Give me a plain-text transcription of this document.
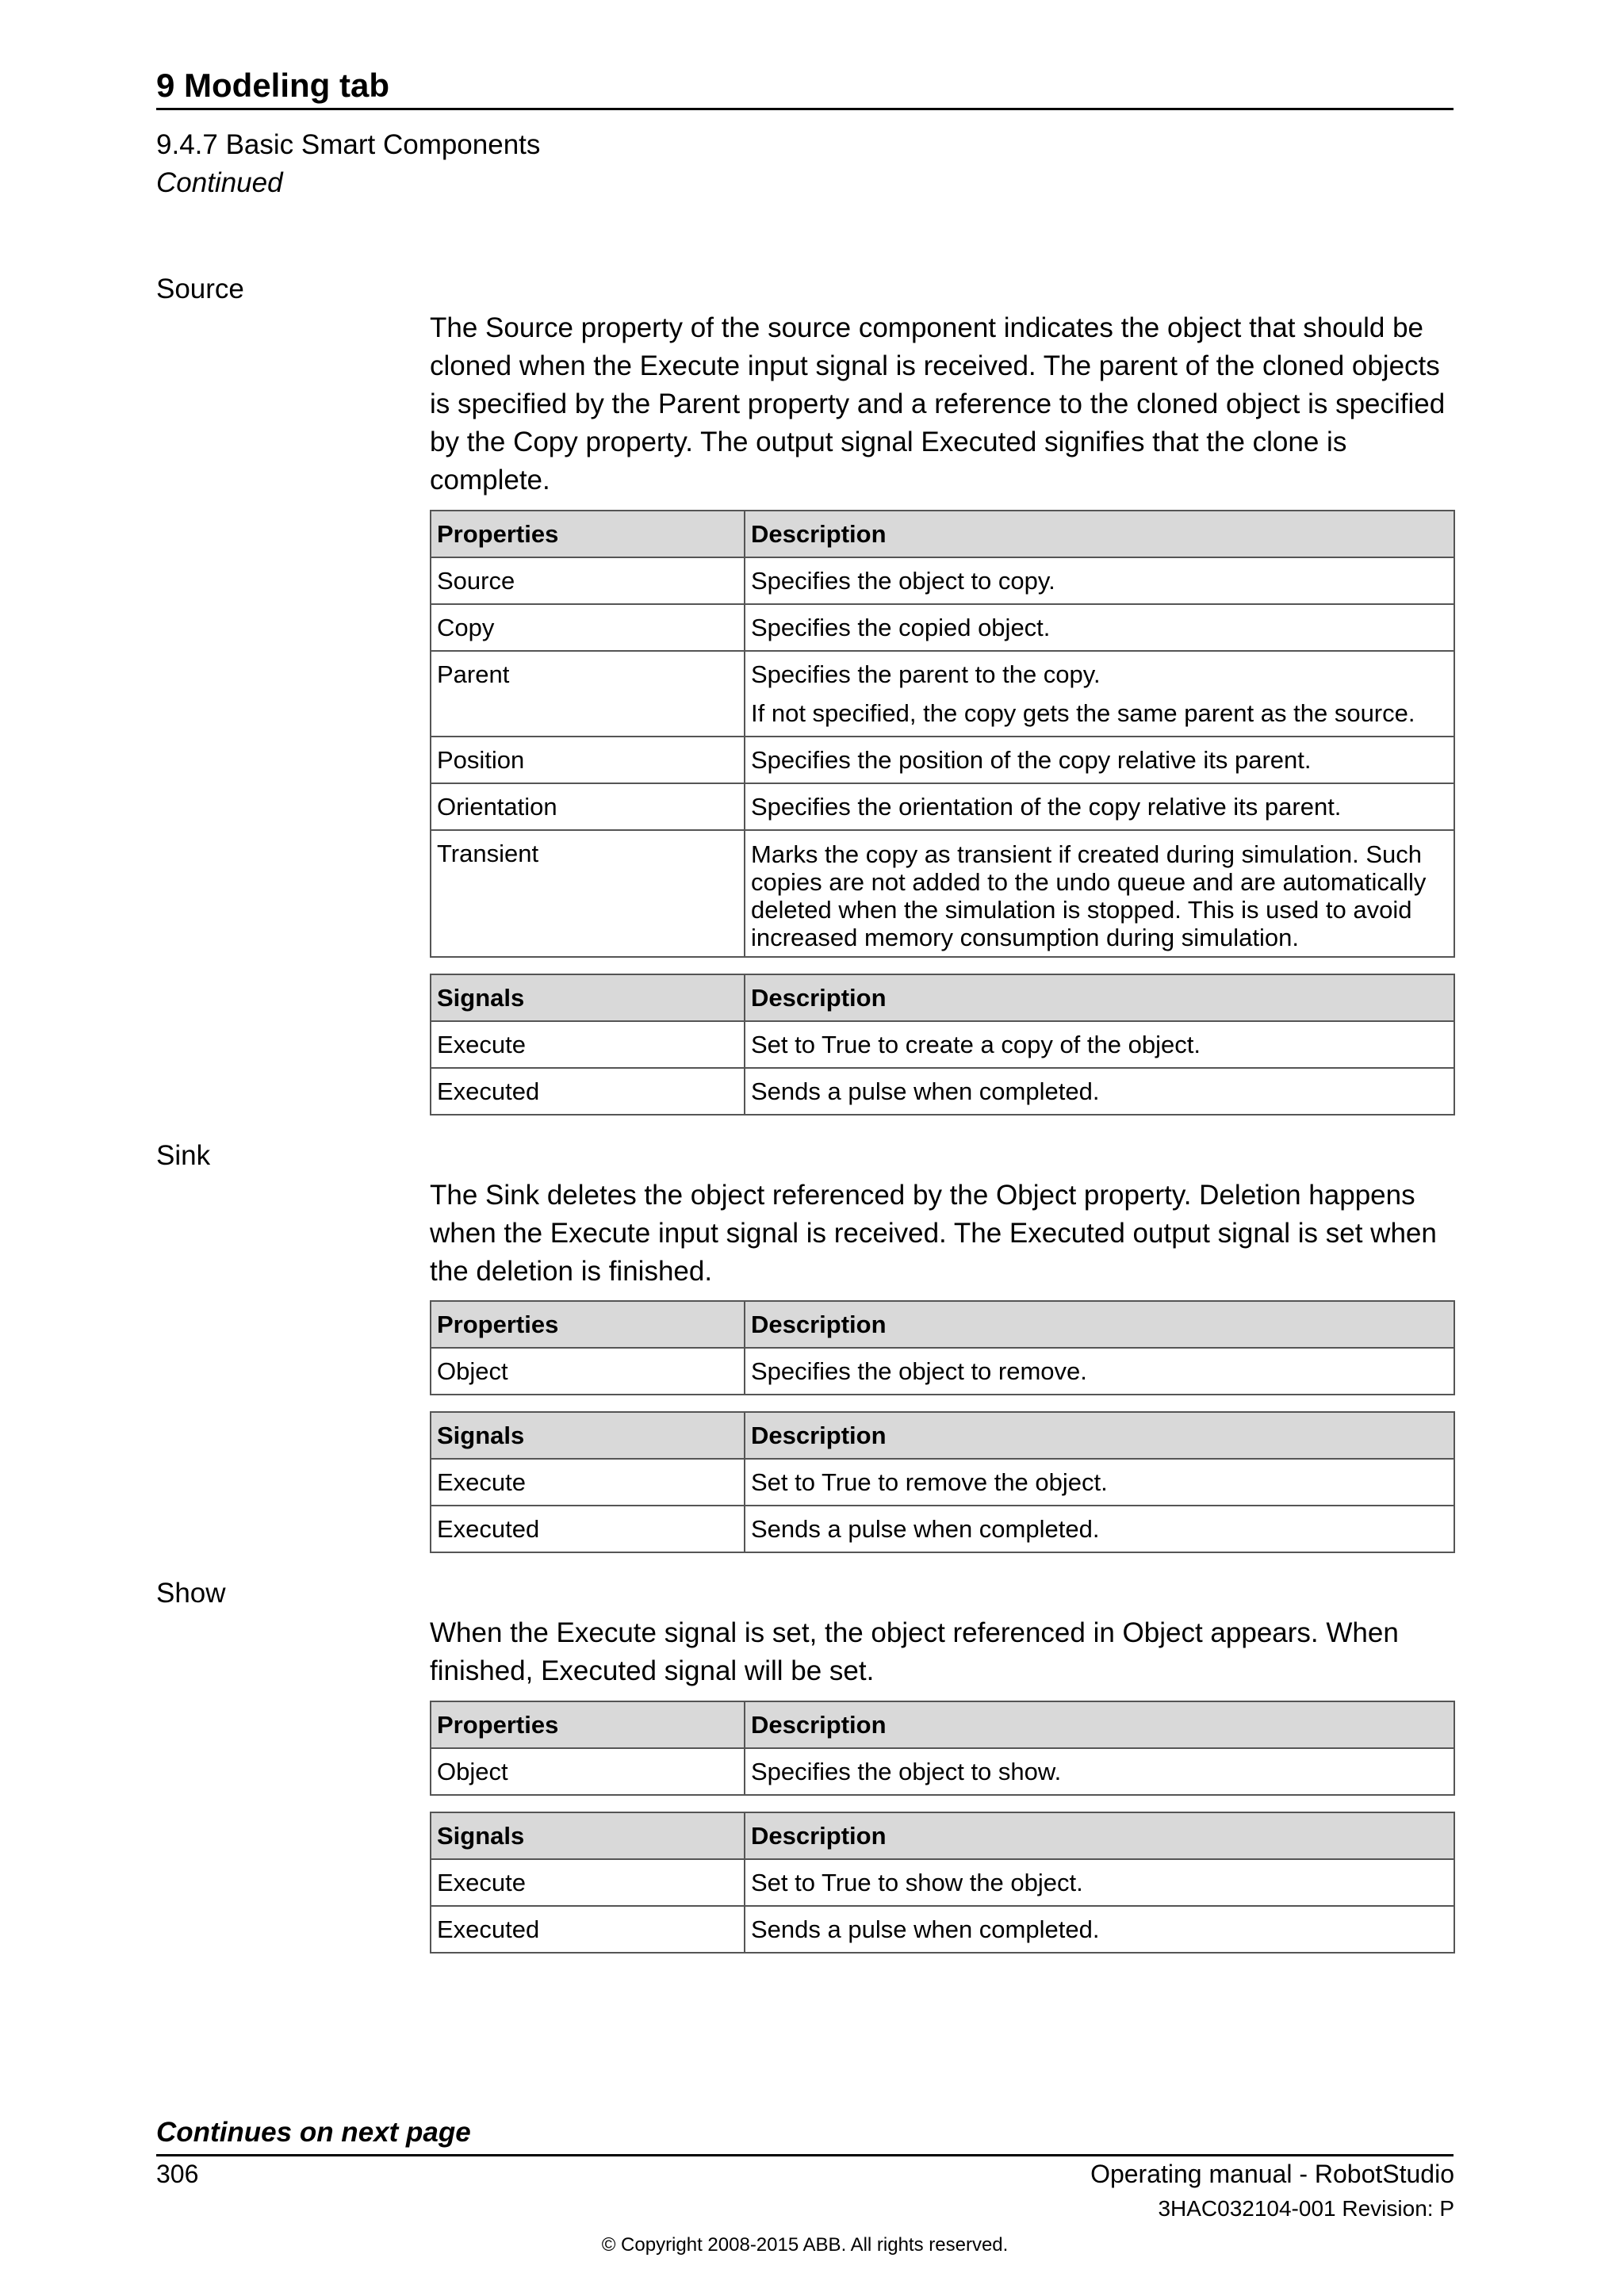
9 Modeling tab
9.4.7 Basic Smart Components
Continued
Source

The Source property of the source component indicates the object that should be cloned when the Execute input signal is received. The parent of the cloned objects is specified by the Parent property and a reference to the cloned object is specified by the Copy property. The output signal Executed signifies that the clone is complete.

Properties	Description
Source	Specifies the object to copy.
Copy	Specifies the copied object.
Parent	Specifies the parent to the copy.
If not specified, the copy gets the same parent as the source.

Position	Specifies the position of the copy relative its parent.
Orientation	Specifies the orientation of the copy relative its parent.
Transient	Marks the copy as transient if created during simulation. Such copies are not added to the undo queue and are automatically deleted when the simulation is stopped. This is used to avoid increased memory consumption during simulation.
Signals	Description
Execute	Set to True to create a copy of the object.
Executed	Sends a pulse when completed.
Sink

The Sink deletes the object referenced by the Object property. Deletion happens when the Execute input signal is received. The Executed output signal is set when the deletion is finished.

Properties	Description
Object	Specifies the object to remove.
Signals	Description
Execute	Set to True to remove the object.
Executed	Sends a pulse when completed.
Show

When the Execute signal is set, the object referenced in Object appears. When finished, Executed signal will be set.

Properties	Description
Object	Specifies the object to show.
Signals	Description
Execute	Set to True to show the object.
Executed	Sends a pulse when completed.
Continues on next page
306	Operating manual - RobotStudio
3HAC032104-001 Revision: P
© Copyright 2008-2015 ABB. All rights reserved.
